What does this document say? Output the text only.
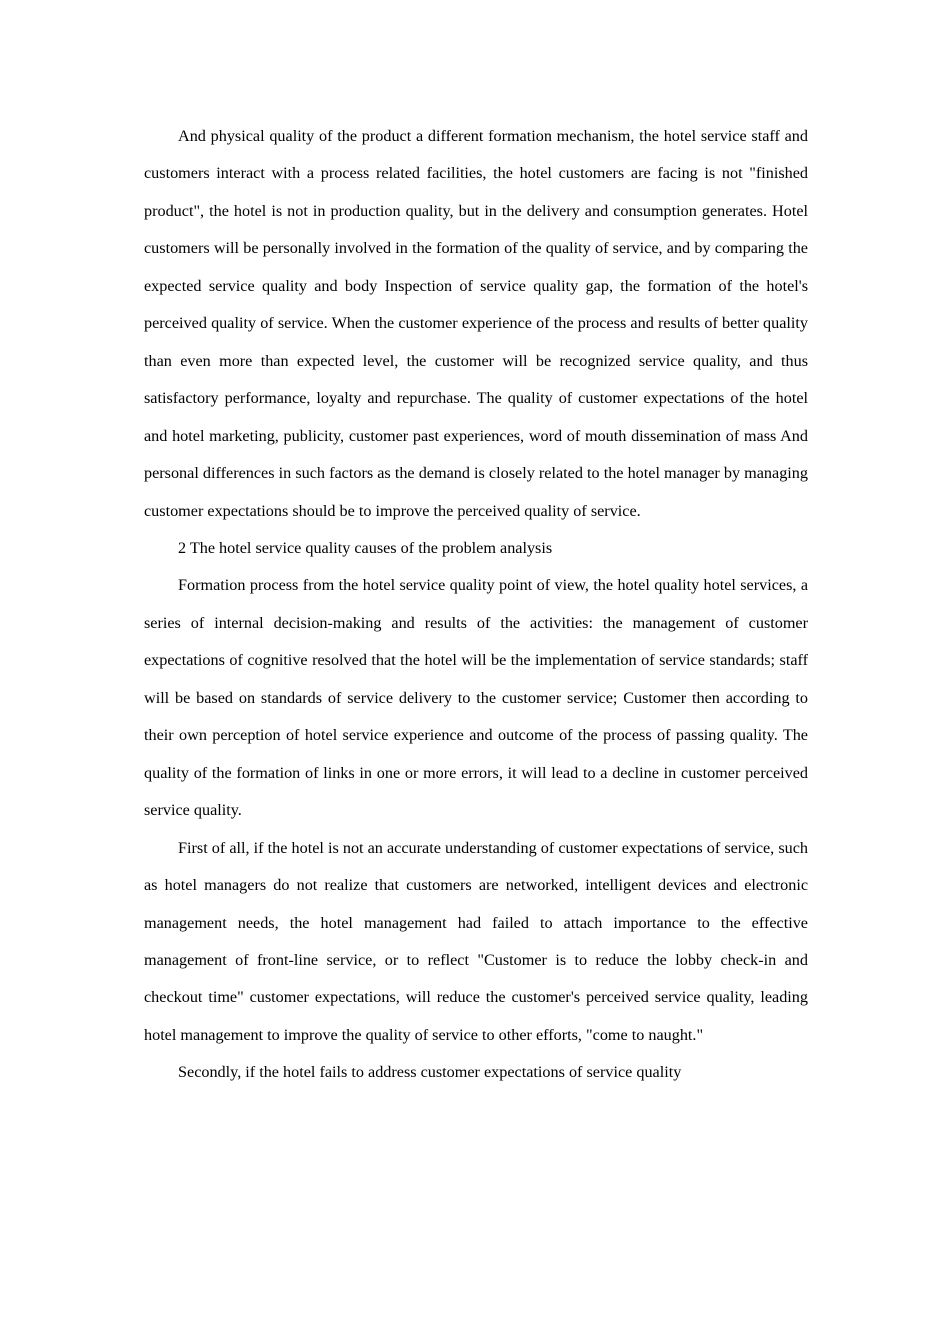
And physical quality of the product a different formation mechanism, the hotel service staff and customers interact with a process related facilities, the hotel customers are facing is not "finished product", the hotel is not in production quality, but in the delivery and consumption generates. Hotel customers will be personally involved in the formation of the quality of service, and by comparing the expected service quality and body Inspection of service quality gap, the formation of the hotel's perceived quality of service. When the customer experience of the process and results of better quality than even more than expected level, the customer will be recognized service quality, and thus satisfactory performance, loyalty and repurchase. The quality of customer expectations of the hotel and hotel marketing, publicity, customer past experiences, word of mouth dissemination of mass And personal differences in such factors as the demand is closely related to the hotel manager by managing customer expectations should be to improve the perceived quality of service.

2 The hotel service quality causes of the problem analysis

Formation process from the hotel service quality point of view, the hotel quality hotel services, a series of internal decision-making and results of the activities: the management of customer expectations of cognitive resolved that the hotel will be the implementation of service standards; staff will be based on standards of service delivery to the customer service; Customer then according to their own perception of hotel service experience and outcome of the process of passing quality. The quality of the formation of links in one or more errors, it will lead to a decline in customer perceived service quality.

First of all, if the hotel is not an accurate understanding of customer expectations of service, such as hotel managers do not realize that customers are networked, intelligent devices and electronic management needs, the hotel management had failed to attach importance to the effective management of front-line service, or to reflect "Customer is to reduce the lobby check-in and checkout time" customer expectations, will reduce the customer's perceived service quality, leading hotel management to improve the quality of service to other efforts, "come to naught."

Secondly, if the hotel fails to address customer expectations of service quality
